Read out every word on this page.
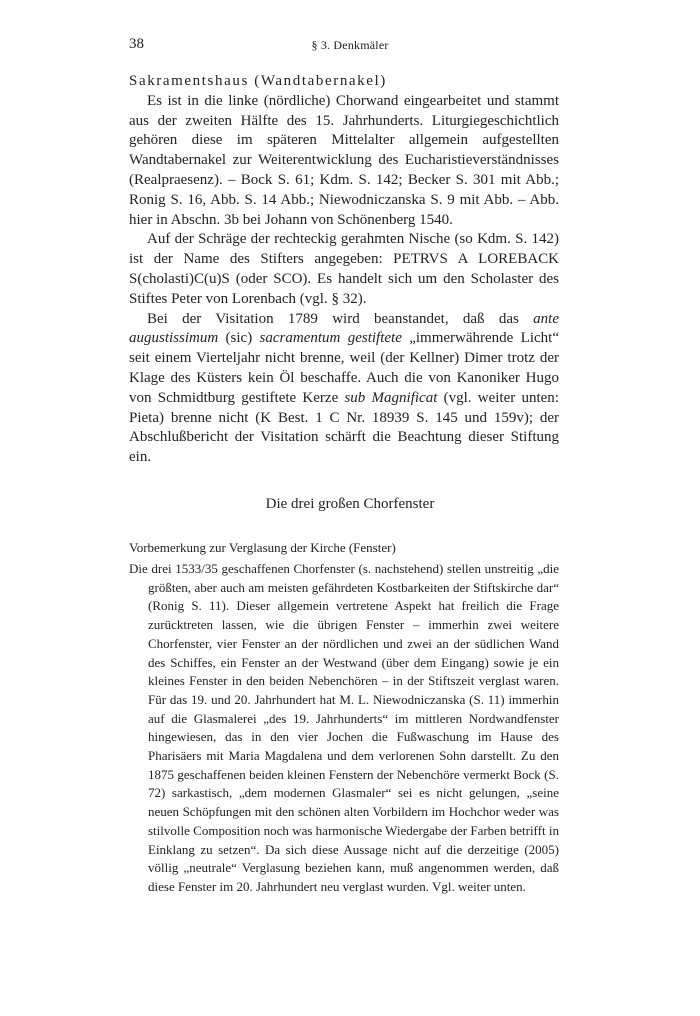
38	§ 3. Denkmäler
Sakramentshaus (Wandtabernakel)

Es ist in die linke (nördliche) Chorwand eingearbeitet und stammt aus der zweiten Hälfte des 15. Jahrhunderts. Liturgiegeschichtlich gehören diese im späteren Mittelalter allgemein aufgestellten Wandtabernakel zur Weiterentwicklung des Eucharistieverständnisses (Realpraesenz). – Bock S. 61; Kdm. S. 142; Becker S. 301 mit Abb.; Ronig S. 16, Abb. S. 14 Abb.; Niewodniczanska S. 9 mit Abb. – Abb. hier in Abschn. 3b bei Johann von Schönenberg 1540.

Auf der Schräge der rechteckig gerahmten Nische (so Kdm. S. 142) ist der Name des Stifters angegeben: PETRVS A LOREBACK S(cholasti)C(u)S (oder SCO). Es handelt sich um den Scholaster des Stiftes Peter von Lorenbach (vgl. § 32).

Bei der Visitation 1789 wird beanstandet, daß das ante augustissimum (sic) sacramentum gestiftete „immerwährende Licht“ seit einem Vierteljahr nicht brenne, weil (der Kellner) Dimer trotz der Klage des Küsters kein Öl beschaffe. Auch die von Kanoniker Hugo von Schmidtburg gestiftete Kerze sub Magnificat (vgl. weiter unten: Pieta) brenne nicht (K Best. 1 C Nr. 18939 S. 145 und 159v); der Abschlußbericht der Visitation schärft die Beachtung dieser Stiftung ein.

Die drei großen Chorfenster
Vorbemerkung zur Verglasung der Kirche (Fenster)

Die drei 1533/35 geschaffenen Chorfenster (s. nachstehend) stellen unstreitig „die größten, aber auch am meisten gefährdeten Kostbarkeiten der Stiftskirche dar“ (Ronig S. 11). Dieser allgemein vertretene Aspekt hat freilich die Frage zurücktreten lassen, wie die übrigen Fenster – immerhin zwei weitere Chorfenster, vier Fenster an der nördlichen und zwei an der südlichen Wand des Schiffes, ein Fenster an der Westwand (über dem Eingang) sowie je ein kleines Fenster in den beiden Nebenchören – in der Stiftszeit verglast waren. Für das 19. und 20. Jahrhundert hat M. L. Niewodniczanska (S. 11) immerhin auf die Glasmalerei „des 19. Jahrhunderts“ im mittleren Nordwandfenster hingewiesen, das in den vier Jochen die Fußwaschung im Hause des Pharisäers mit Maria Magdalena und dem verlorenen Sohn darstellt. Zu den 1875 geschaffenen beiden kleinen Fenstern der Nebenchöre vermerkt Bock (S. 72) sarkastisch, „dem modernen Glasmaler“ sei es nicht gelungen, „seine neuen Schöpfungen mit den schönen alten Vorbildern im Hochchor weder was stilvolle Composition noch was harmonische Wiedergabe der Farben betrifft in Einklang zu setzen“. Da sich diese Aussage nicht auf die derzeitige (2005) völlig „neutrale“ Verglasung beziehen kann, muß angenommen werden, daß diese Fenster im 20. Jahrhundert neu verglast wurden. Vgl. weiter unten.
